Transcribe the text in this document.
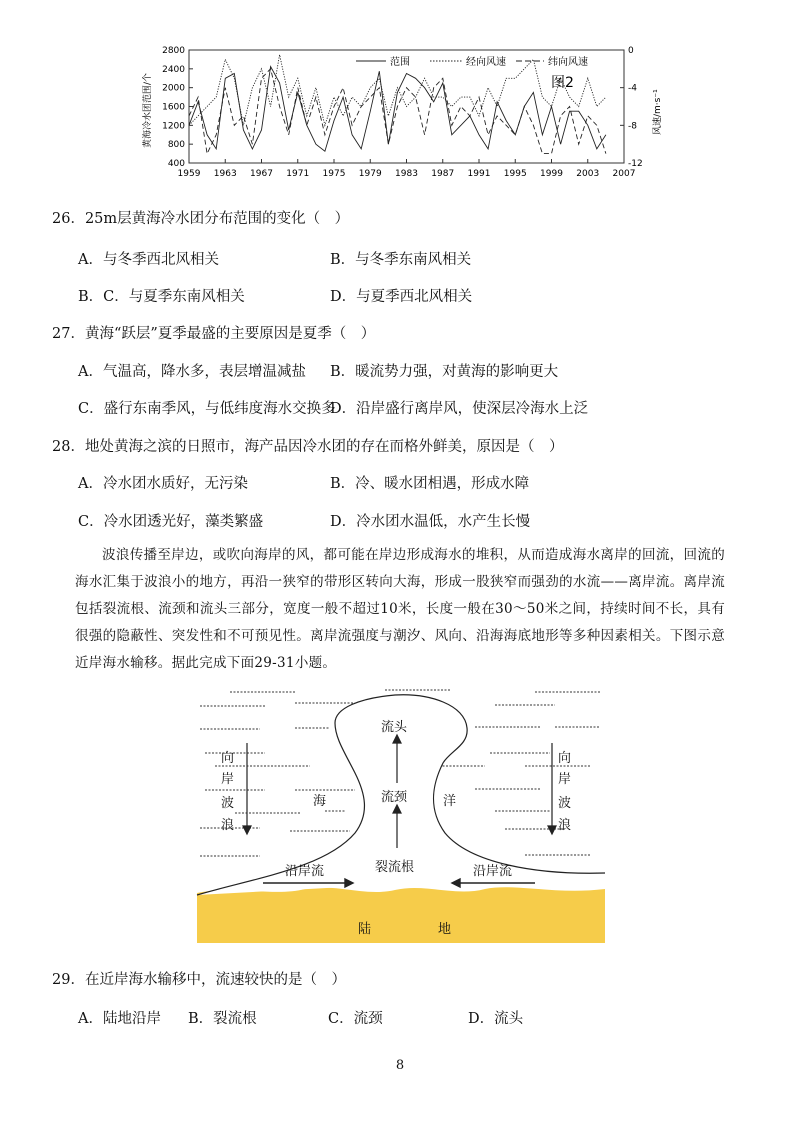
400
800
1200
1600
2000
2400
2800	0
-4
-8
-12
1959 1963 1967 1971 1975 1979 1983 1987 1991 1995 1999 2003 2007
范围	经向风速	纬向风速
图2
黄海冷水团范围/个	风速/m·s⁻¹
26．25m层黄海冷水团分布范围的变化（　）
A．与冬季西北风相关	B．与冬季东南风相关
B．C．与夏季东南风相关	D．与夏季西北风相关
27．黄海“跃层”夏季最盛的主要原因是夏季（　）
A．气温高，降水多，表层增温减盐 B．暖流势力强，对黄海的影响更大
C．盛行东南季风，与低纬度海水交换多
D．沿岸盛行离岸风，使深层冷海水上泛
28．地处黄海之滨的日照市，海产品因冷水团的存在而格外鲜美，原因是（　）
A．冷水团水质好，无污染	B．冷、暖水团相遇，形成水障
C．冷水团透光好，藻类繁盛	D．冷水团水温低，水产生长慢
波浪传播至岸边，或吹向海岸的风，都可能在岸边形成海水的堆积，从而造成海水离岸的回流，回流的海水汇集于波浪小的地方，再沿一狭窄的带形区转向大海，形成一股狭窄而强劲的水流——离岸流。离岸流包括裂流根、流颈和流头三部分，宽度一般不超过10米，长度一般在30～50米之间，持续时间不长，具有很强的隐蔽性、突发性和不可预见性。离岸流强度与潮汐、风向、沿海海底地形等多种因素相关。下图示意近岸海水输移。据此完成下面29-31小题。
流头
流颈
裂流根
海	洋
沿岸流	沿岸流
陆	地
向
岸
波
浪
向
岸
波
浪
29．在近岸海水输移中，流速较快的是（　）
A．陆地沿岸 B．裂流根	C．流颈	D．流头
8
